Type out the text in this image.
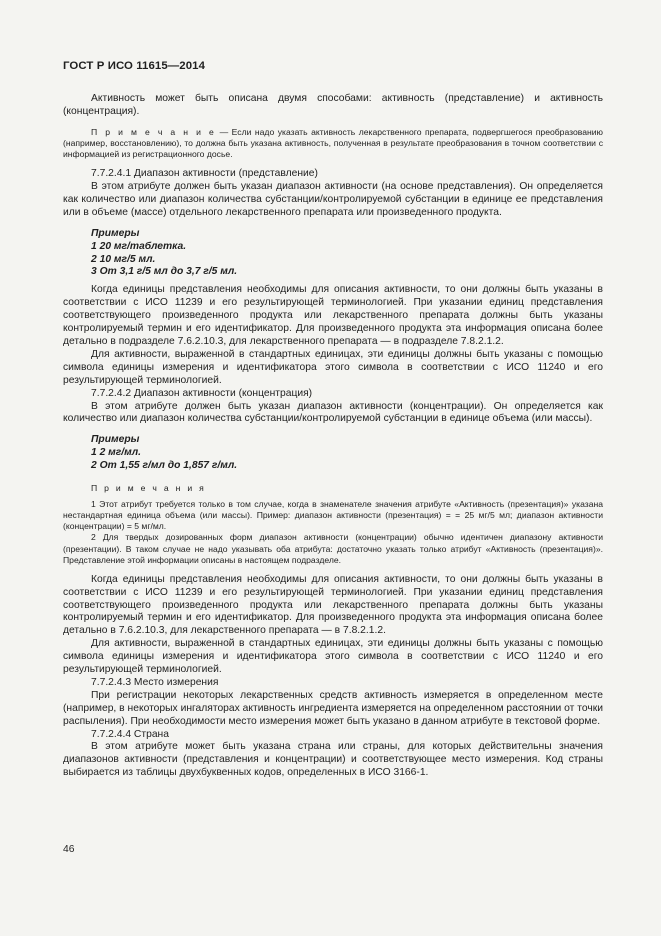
ГОСТ Р ИСО 11615—2014

Активность может быть описана двумя способами: активность (представление) и активность (концентрация).

П р и м е ч а н и е — Если надо указать активность лекарственного препарата, подвергшегося преобразованию (например, восстановлению), то должна быть указана активность, полученная в результате преобразования в точном соответствии с информацией из регистрационного досье.

7.7.2.4.1 Диапазон активности (представление)

В этом атрибуте должен быть указан диапазон активности (на основе представления). Он определяется как количество или диапазон количества субстанции/контролируемой субстанции в единице ее представления или в объеме (массе) отдельного лекарственного препарата или произведенного продукта.

Примеры

1 20 мг/таблетка.

2 10 мг/5 мл.

3 От 3,1 г/5 мл до 3,7 г/5 мл.

Когда единицы представления необходимы для описания активности, то они должны быть указаны в соответствии с ИСО 11239 и его результирующей терминологией. При указании единиц представления соответствующего произведенного продукта или лекарственного препарата должны быть указаны контролируемый термин и его идентификатор. Для произведенного продукта эта информация описана более детально в подразделе 7.6.2.10.3, для лекарственного препарата — в подразделе 7.8.2.1.2.

Для активности, выраженной в стандартных единицах, эти единицы должны быть указаны с помощью символа единицы измерения и идентификатора этого символа в соответствии с ИСО 11240 и его результирующей терминологией.

7.7.2.4.2 Диапазон активности (концентрация)

В этом атрибуте должен быть указан диапазон активности (концентрации). Он определяется как количество или диапазон количества субстанции/контролируемой субстанции в единице объема (или массы).

Примеры

1 2 мг/мл.

2 От 1,55 г/мл до 1,857 г/мл.

П р и м е ч а н и я

1 Этот атрибут требуется только в том случае, когда в знаменателе значения атрибуте «Активность (презентация)» указана нестандартная единица объема (или массы). Пример: диапазон активности (презентация) = = 25 мг/5 мл; диапазон активности (концентрации) = 5 мг/мл.

2 Для твердых дозированных форм диапазон активности (концентрации) обычно идентичен диапазону активности (презентации). В таком случае не надо указывать оба атрибута: достаточно указать только атрибут «Активность (презентация)». Представление этой информации описаны в настоящем подразделе.

Когда единицы представления необходимы для описания активности, то они должны быть указаны в соответствии с ИСО 11239 и его результирующей терминологией. При указании единиц представления соответствующего произведенного продукта или лекарственного препарата должны быть указаны контролируемый термин и его идентификатор. Для произведенного продукта эта информация описана более детально в 7.6.2.10.3, для лекарственного препарата — в 7.8.2.1.2.

Для активности, выраженной в стандартных единицах, эти единицы должны быть указаны с помощью символа единицы измерения и идентификатора этого символа в соответствии с ИСО 11240 и его результирующей терминологией.

7.7.2.4.3 Место измерения

При регистрации некоторых лекарственных средств активность измеряется в определенном месте (например, в некоторых ингаляторах активность ингредиента измеряется на определенном расстоянии от точки распыления). При необходимости место измерения может быть указано в данном атрибуте в текстовой форме.

7.7.2.4.4 Страна

В этом атрибуте может быть указана страна или страны, для которых действительны значения диапазонов активности (представления и концентрации) и соответствующее место измерения. Код страны выбирается из таблицы двухбуквенных кодов, определенных в ИСО 3166-1.

46
